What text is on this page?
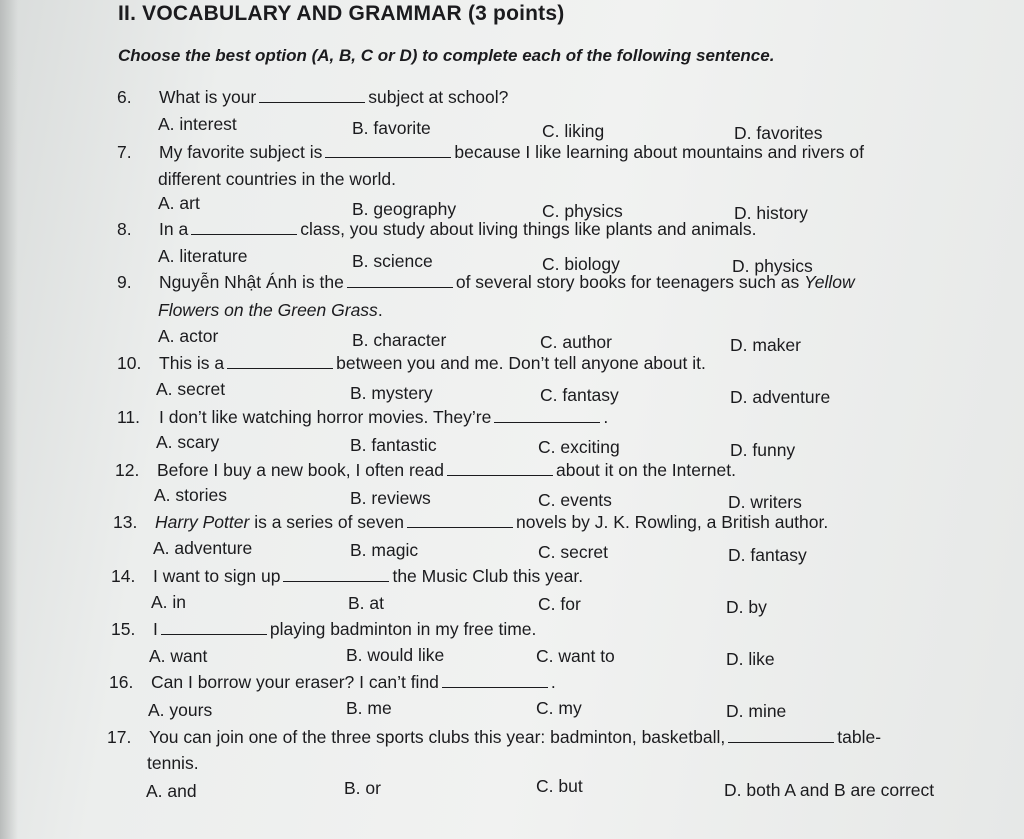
II. VOCABULARY AND GRAMMAR (3 points)

Choose the best option (A, B, C or D) to complete each of the following sentence.

6. What is your	subject at school?
A. interest	B. favorite	C. liking	D. favorites
7. My favorite subject is	because I like learning about mountains and rivers of
different countries in the world.
A. art	B. geography	C. physics	D. history
8. In a	class, you study about living things like plants and animals.
A. literature	B. science	C. biology	D. physics
9. Nguyễn Nhật Ánh is the	of several story books for teenagers such as Yellow
Flowers on the Green Grass.
A. actor	B. character	C. author	D. maker
10. This is a	between you and me. Don’t tell anyone about it.
A. secret	B. mystery	C. fantasy	D. adventure
11. I don’t like watching horror movies. They’re	.
A. scary	B. fantastic	C. exciting	D. funny
12. Before I buy a new book, I often read	about it on the Internet.
A. stories	B. reviews	C. events	D. writers
13. Harry Potter is a series of seven	novels by J. K. Rowling, a British author.
A. adventure	B. magic	C. secret	D. fantasy
14. I want to sign up	the Music Club this year.
A. in	B. at	C. for	D. by
15. I	playing badminton in my free time.
A. want	B. would like	C. want to	D. like
16. Can I borrow your eraser? I can’t find	.
A. yours	B. me	C. my	D. mine
17. You can join one of the three sports clubs this year: badminton, basketball,	table-
tennis.
A. and	B. or	C. but	D. both A and B are correct
